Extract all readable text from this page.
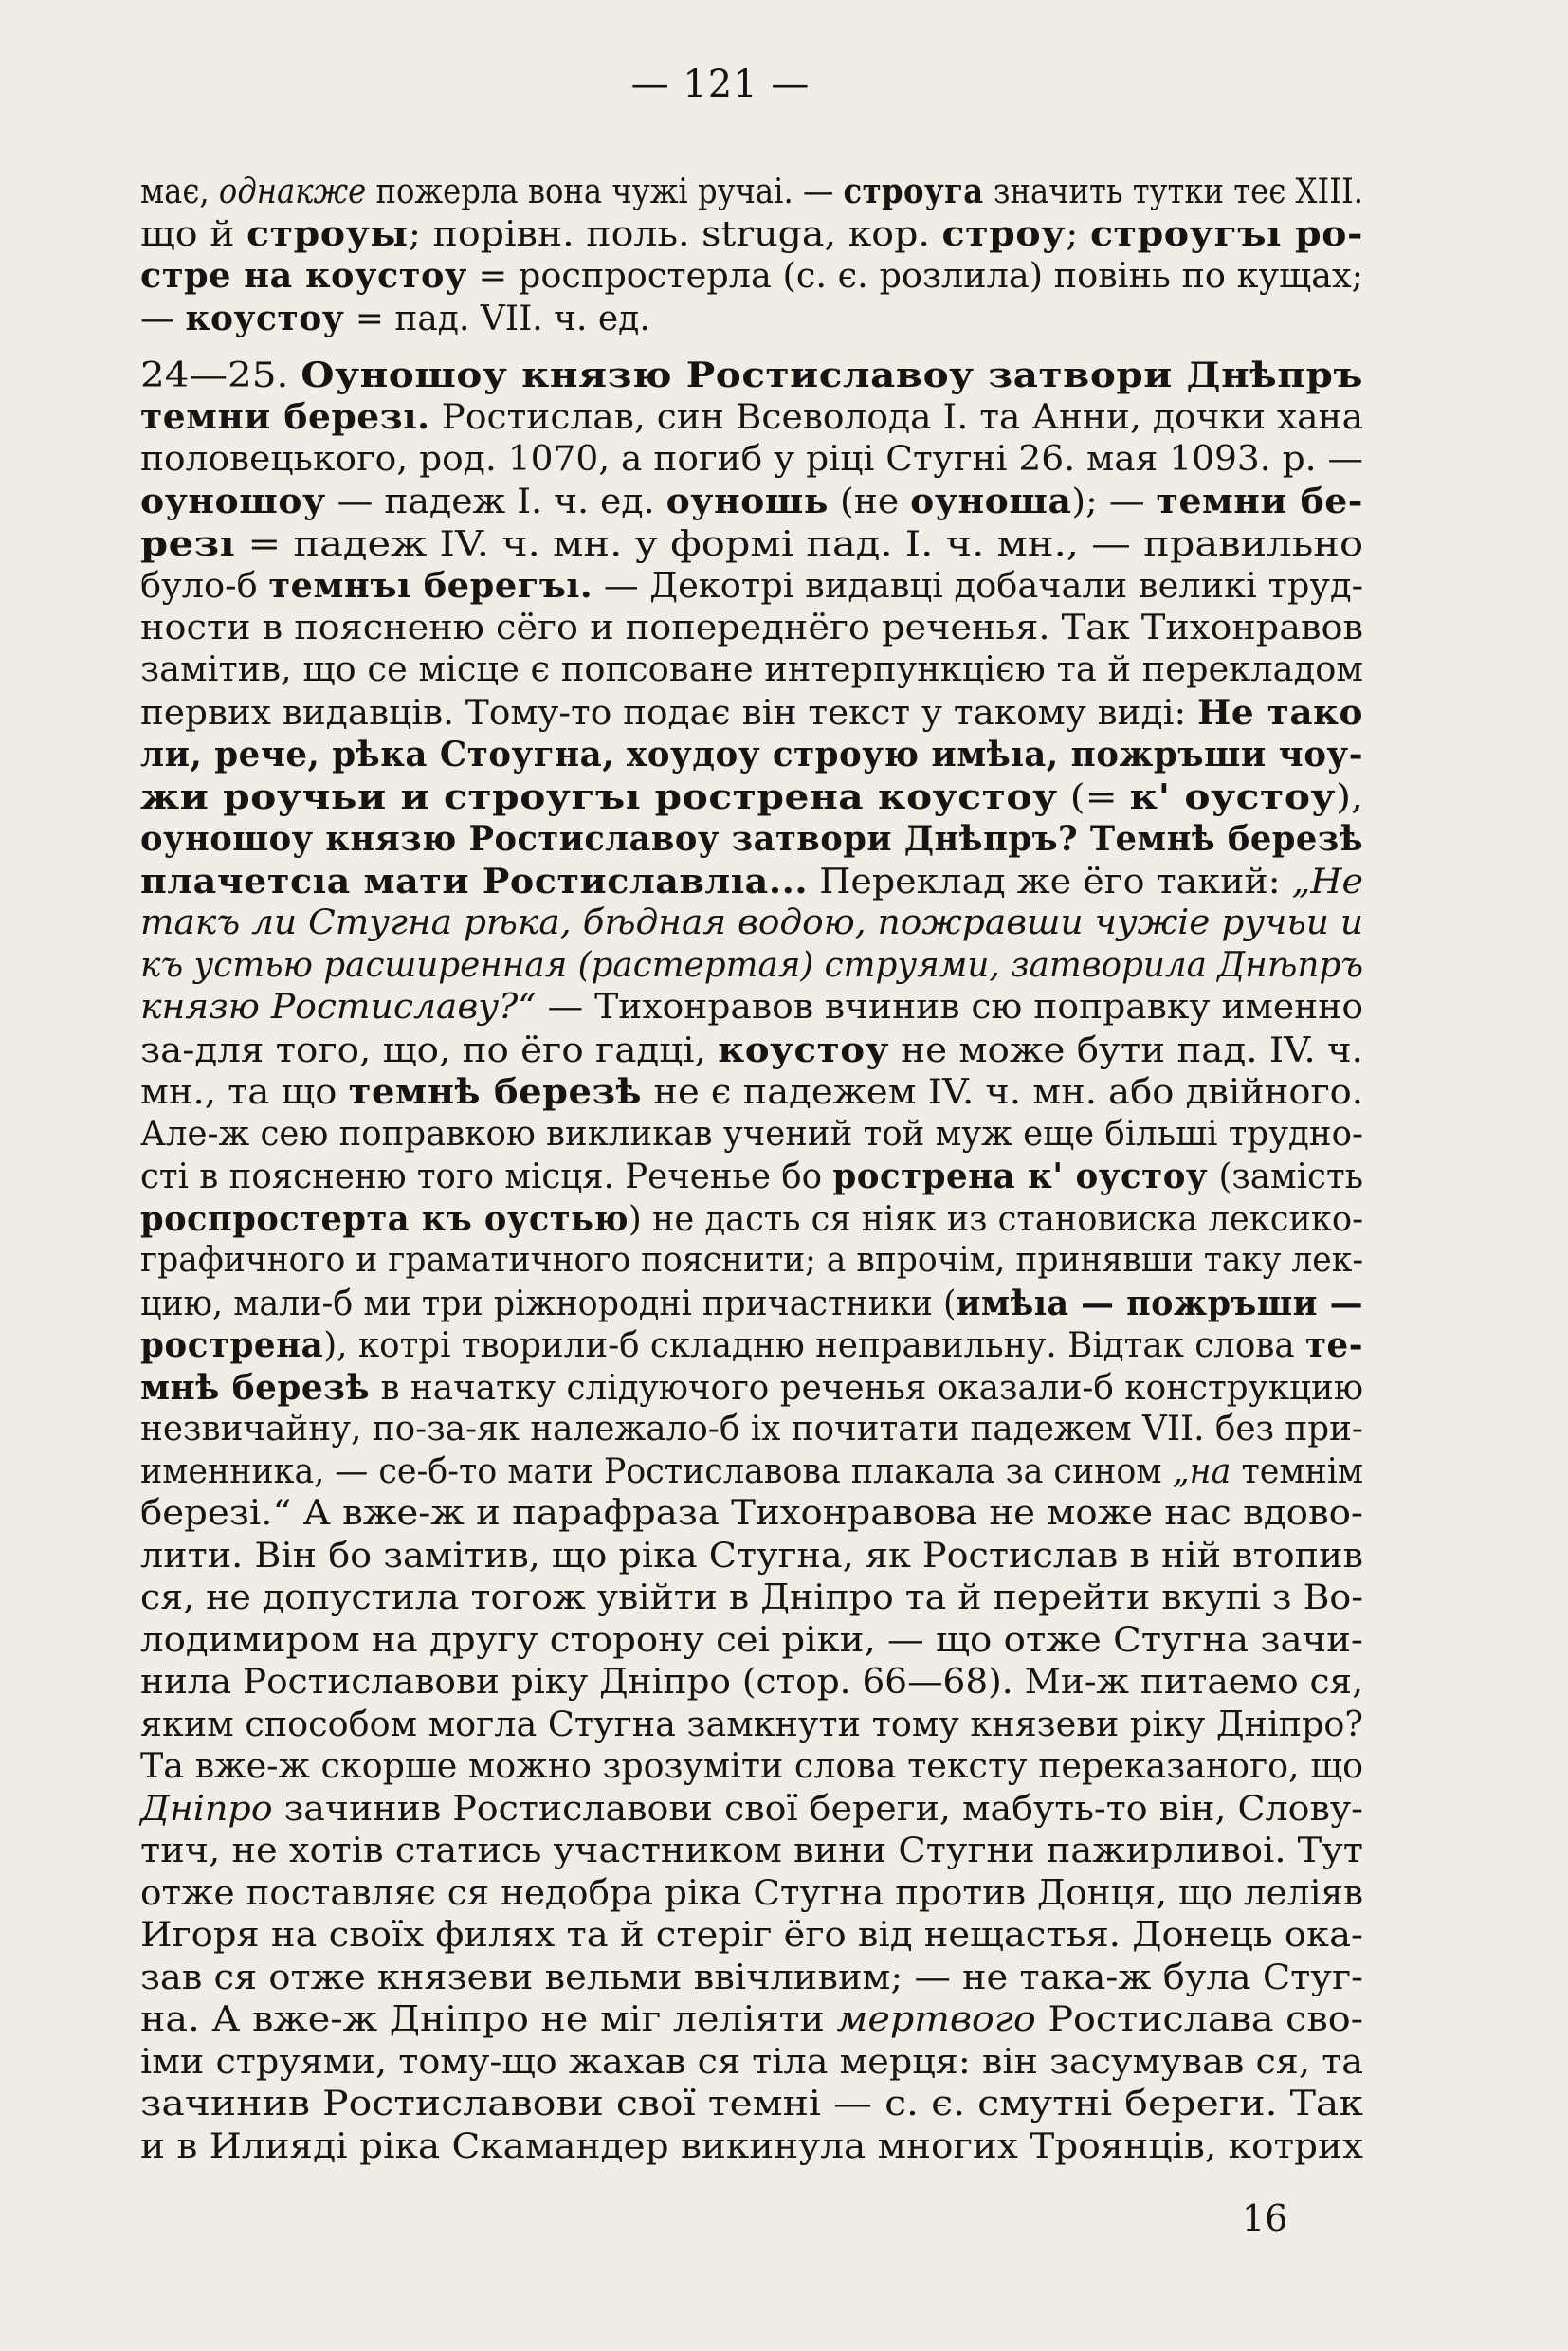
— 121 —
має, однакже пожерла вона чужі ручаі. — строуга значить тутки теє XIII.
що й строуы; порівн. поль. struga, кор. строу; строугъı ро-
стре на коустоу = роспростерла (с. є. розлила) повінь по кущах;
— коустоу = пад. VII. ч. ед.
24—25. Оуношоу князю Ростиславоу затвори Днѣпръ
темни березı. Ростислав, син Всеволода І. та Анни, дочки хана
половецького, род. 1070, а погиб у ріці Стугні 26. мая 1093. р. —
оуношоу — падеж І. ч. ед. оуношь (не оуноша); — темни бе-
резı = падеж IV. ч. мн. у формі пад. І. ч. мн., — правильно
було-б темнъı берегъı. — Декотрі видавці добачали великі труд-
ности в поясненю сёго и попереднёго реченья. Так Тихонравов
замітив, що се місце є попсоване интерпункцією та й перекладом
первих видавців. Тому-то подає він текст у такому виді: Не тако
ли, рече, рѣка Стоугна, хоудоу строую имѣıа, пожръши чоу-
жи роучьи и строугъı рострена коустоу (= к' оустоу),
оуношоу князю Ростиславоу затвори Днѣпръ? Темнѣ березѣ
плачетсıа мати Ростиславлıа... Переклад же ёго такий: „Не
такъ ли Стугна рѣка, бѣдная водою, пожравши чужіе ручьи и
къ устью расширенная (растертая) струями, затворила Днѣпръ
князю Ростиславу?“ — Тихонравов вчинив сю поправку именно
за-для того, що, по ёго гадці, коустоу не може бути пад. IV. ч.
мн., та що темнѣ березѣ не є падежем IV. ч. мн. або двійного.
Але-ж сею поправкою викликав учений той муж еще більші трудно-
сті в поясненю того місця. Реченье бо рострена к' оустоу (замість
роспростерта къ оустью) не дасть ся ніяк из становиска лексико-
графичного и граматичного пояснити; а впрочім, принявши таку лек-
цию, мали-б ми три ріжнородні причастники (имѣıа — пожръши —
рострена), котрі творили-б складню неправильну. Відтак слова те-
мнѣ березѣ в начатку слідуючого реченья оказали-б конструкцию
незвичайну, по-за-як належало-б іх почитати падежем VII. без при-
именника, — се-б-то мати Ростиславова плакала за сином „на темнім
березі.“ А вже-ж и парафраза Тихонравова не може нас вдово-
лити. Він бо замітив, що ріка Стугна, як Ростислав в ній втопив
ся, не допустила тогож увійти в Дніпро та й перейти вкупі з Во-
лодимиром на другу сторону сеі ріки, — що отже Стугна зачи-
нила Ростиславови ріку Дніпро (стор. 66—68). Ми-ж питаемо ся,
яким способом могла Стугна замкнути тому князеви ріку Дніпро?
Та вже-ж скорше можно зрозуміти слова тексту переказаного, що
Дніпро зачинив Ростиславови свої береги, мабуть-то він, Слову-
тич, не хотів статись участником вини Стугни пажирливоі. Тут
отже поставляє ся недобра ріка Стугна против Донця, що леліяв
Игоря на своїх филях та й стеріг ёго від нещастья. Донець ока-
зав ся отже князеви вельми ввічливим; — не така-ж була Стуг-
на. А вже-ж Дніпро не міг леліяти мертвого Ростислава сво-
іми струями, тому-що жахав ся тіла мерця: він засумував ся, та
зачинив Ростиславови свої темні — с. є. смутні береги. Так
и в Илияді ріка Скамандер викинула многих Троянців, котрих
16
